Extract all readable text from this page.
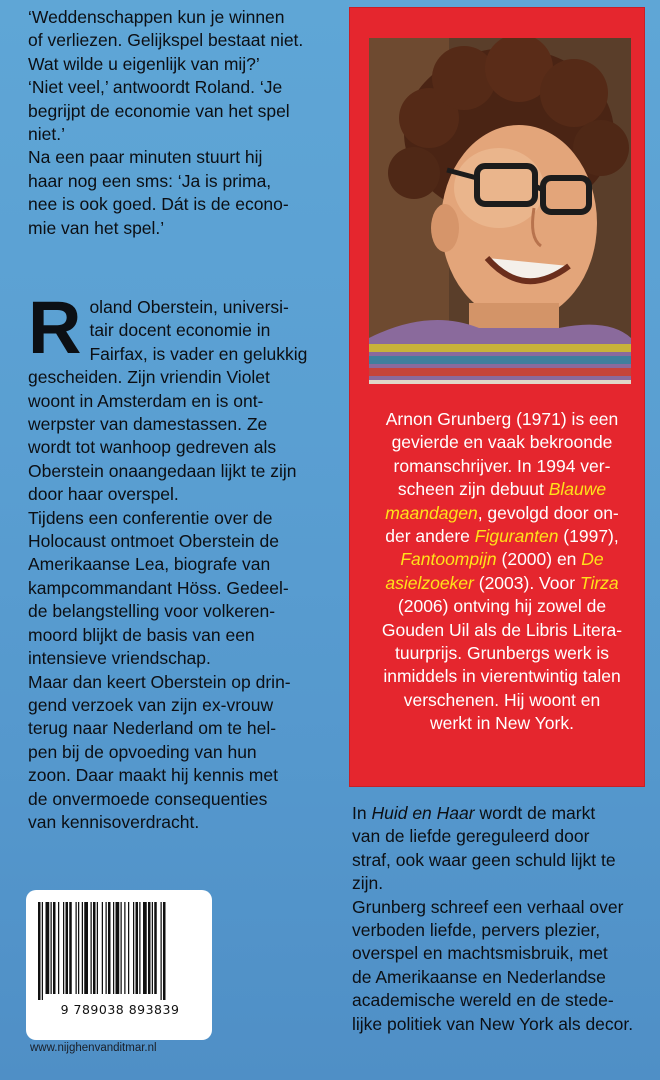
‘Weddenschappen kun je winnen
of verliezen. Gelijkspel bestaat niet.
Wat wilde u eigenlijk van mij?’
‘Niet veel,’ antwoordt Roland. ‘Je
begrijpt de economie van het spel
niet.’
Na een paar minuten stuurt hij
haar nog een sms: ‘Ja is prima,
nee is ook goed. Dát is de econo-
mie van het spel.’
R oland Oberstein, universi-
tair docent economie in
Fairfax, is vader en gelukkig
gescheiden. Zijn vriendin Violet
woont in Amsterdam en is ont-
werpster van damestassen. Ze
wordt tot wanhoop gedreven als
Oberstein onaangedaan lijkt te zijn
door haar overspel.
Tijdens een conferentie over de
Holocaust ontmoet Oberstein de
Amerikaanse Lea, biografe van
kampcommandant Höss. Gedeel-
de belangstelling voor volkeren-
moord blijkt de basis van een
intensieve vriendschap.
Maar dan keert Oberstein op drin-
gend verzoek van zijn ex-vrouw
terug naar Nederland om te hel-
pen bij de opvoeding van hun
zoon. Daar maakt hij kennis met
de onvermoede consequenties
van kennisoverdracht.
Arnon Grunberg (1971) is een
gevierde en vaak bekroonde
romanschrijver. In 1994 ver-
scheen zijn debuut Blauwe
maandagen, gevolgd door on-
der andere Figuranten (1997),
Fantoompijn (2000) en De
asielzoeker (2003). Voor Tirza
(2006) ontving hij zowel de
Gouden Uil als de Libris Litera-
tuurprijs. Grunbergs werk is
inmiddels in vierentwintig talen
verschenen. Hij woont en
werkt in New York.
In Huid en Haar wordt de markt
van de liefde gereguleerd door
straf, ook waar geen schuld lijkt te
zijn.
Grunberg schreef een verhaal over
verboden liefde, pervers plezier,
overspel en machtsmisbruik, met
de Amerikaanse en Nederlandse
academische wereld en de stede-
lijke politiek van New York als decor.
9 789038 893839
www.nijghenvanditmar.nl
